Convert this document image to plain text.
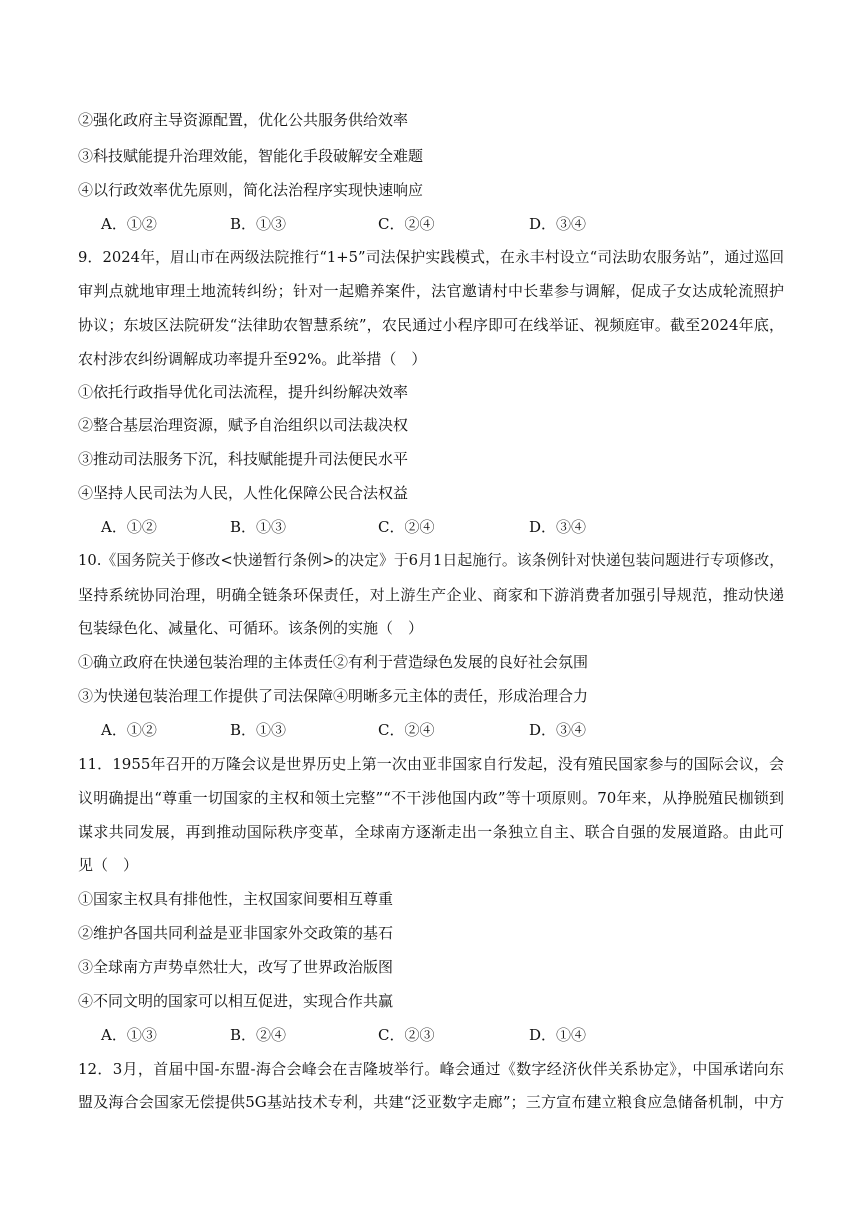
②强化政府主导资源配置，优化公共服务供给效率
③科技赋能提升治理效能，智能化手段破解安全难题
④以行政效率优先原则，简化法治程序实现快速响应
A．①②	B．①③	C．②④	D．③④
9．2024年，眉山市在两级法院推行“1+5”司法保护实践模式，在永丰村设立“司法助农服务站”，通过巡回
审判点就地审理土地流转纠纷；针对一起赡养案件，法官邀请村中长辈参与调解，促成子女达成轮流照护
协议；东坡区法院研发“法律助农智慧系统”，农民通过小程序即可在线举证、视频庭审。截至2024年底，
农村涉农纠纷调解成功率提升至92%。此举措（　）
①依托行政指导优化司法流程，提升纠纷解决效率
②整合基层治理资源，赋予自治组织以司法裁决权
③推动司法服务下沉，科技赋能提升司法便民水平
④坚持人民司法为人民，人性化保障公民合法权益
A．①②	B．①③	C．②④	D．③④
10.《国务院关于修改<快递暂行条例>的决定》于6月1日起施行。该条例针对快递包装问题进行专项修改，
坚持系统协同治理，明确全链条环保责任，对上游生产企业、商家和下游消费者加强引导规范，推动快递
包装绿色化、减量化、可循环。该条例的实施（　）
①确立政府在快递包装治理的主体责任②有利于营造绿色发展的良好社会氛围
③为快递包装治理工作提供了司法保障④明晰多元主体的责任，形成治理合力
A．①②	B．①③	C．②④	D．③④
11．1955年召开的万隆会议是世界历史上第一次由亚非国家自行发起，没有殖民国家参与的国际会议，会
议明确提出“尊重一切国家的主权和领土完整”“不干涉他国内政”等十项原则。70年来，从挣脱殖民枷锁到
谋求共同发展，再到推动国际秩序变革，全球南方逐渐走出一条独立自主、联合自强的发展道路。由此可
见（　）
①国家主权具有排他性，主权国家间要相互尊重
②维护各国共同利益是亚非国家外交政策的基石
③全球南方声势卓然壮大，改写了世界政治版图
④不同文明的国家可以相互促进，实现合作共赢
A．①③	B．②④	C．②③	D．①④
12．3月，首届中国-东盟-海合会峰会在吉隆坡举行。峰会通过《数字经济伙伴关系协定》，中国承诺向东
盟及海合会国家无偿提供5G基站技术专利，共建“泛亚数字走廊”；三方宣布建立粮食应急储备机制，中方
